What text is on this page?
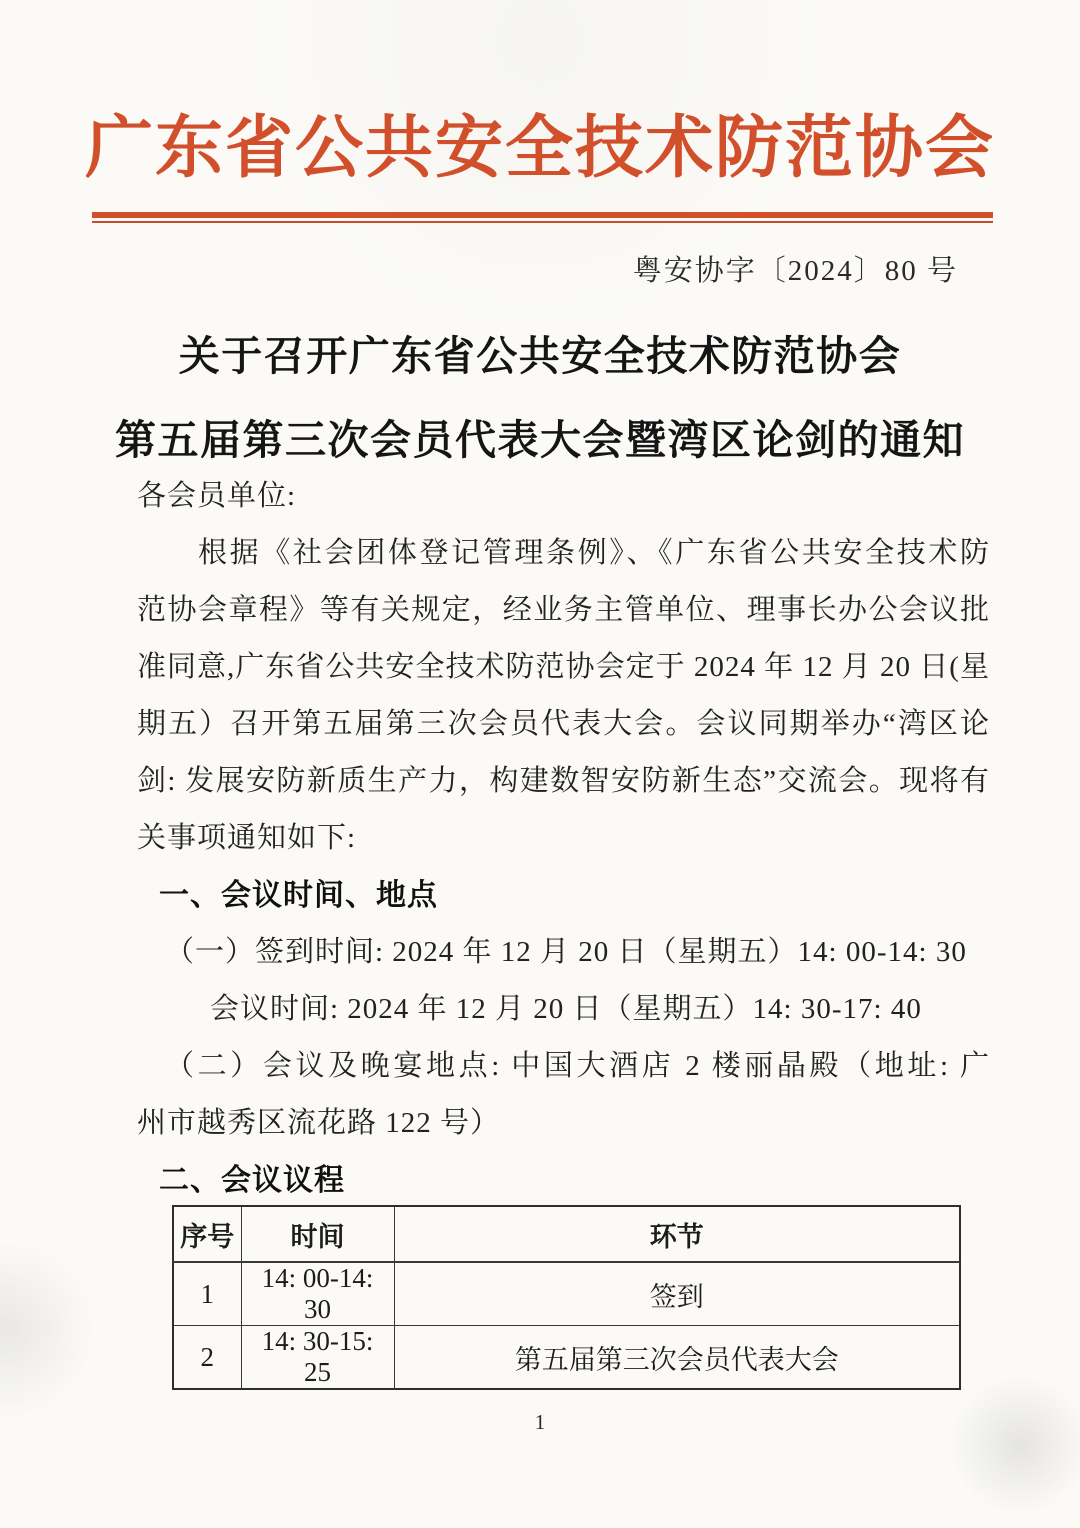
广东省公共安全技术防范协会
粤安协字〔2024〕80 号
关于召开广东省公共安全技术防范协会
第五届第三次会员代表大会暨湾区论剑的通知
各会员单位:
根据《社会团体登记管理条例》、《广东省公共安全技术防
范协会章程》等有关规定，经业务主管单位、理事长办公会议批
准同意,广东省公共安全技术防范协会定于 2024 年 12 月 20 日(星
期五）召开第五届第三次会员代表大会。会议同期举办“湾区论
剑: 发展安防新质生产力，构建数智安防新生态”交流会。现将有
关事项通知如下:
一、会议时间、地点
（一）签到时间: 2024 年 12 月 20 日（星期五）14: 00-14: 30
会议时间: 2024 年 12 月 20 日（星期五）14: 30-17: 40
（二）会议及晚宴地点: 中国大酒店 2 楼丽晶殿（地址: 广
州市越秀区流花路 122 号）
二、会议议程
序号	时间	环节
1	14: 00-14: 30	签到
2	14: 30-15: 25	第五届第三次会员代表大会
1
